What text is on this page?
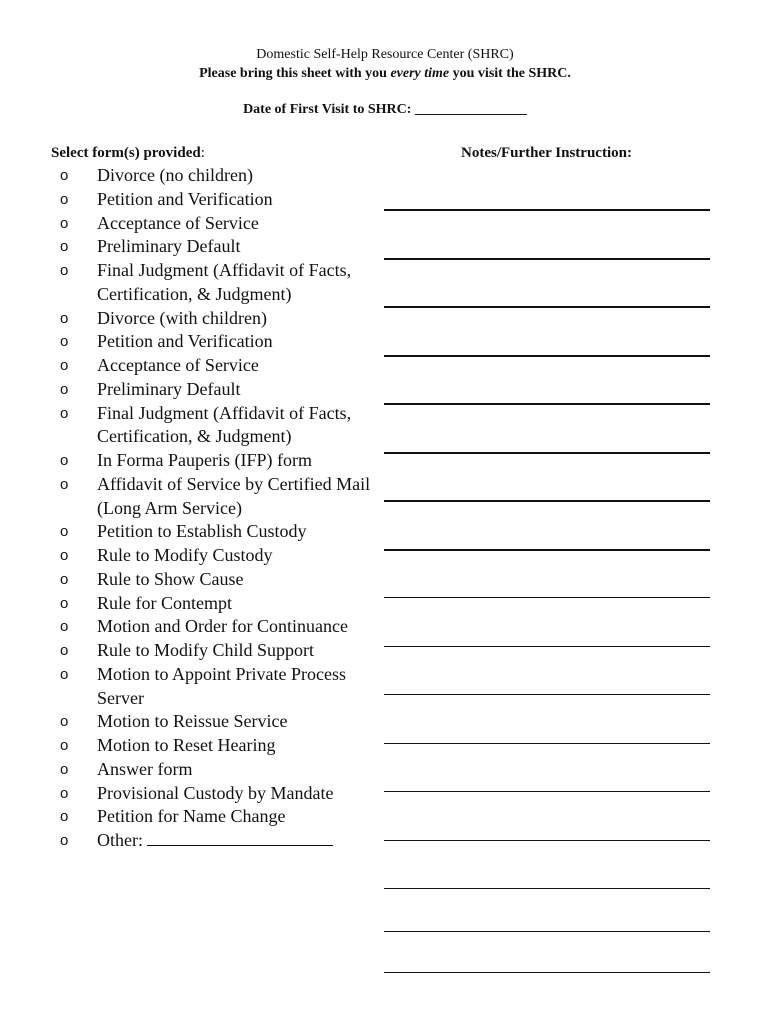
Domestic Self-Help Resource Center (SHRC)
Please bring this sheet with you every time you visit the SHRC.
Date of First Visit to SHRC: ________________
Select form(s) provided:	Notes/Further Instruction:
o Divorce (no children)
o Petition and Verification
o Acceptance of Service
o Preliminary Default
o Final Judgment (Affidavit of Facts, Certification, & Judgment)
o Divorce (with children)
o Petition and Verification
o Acceptance of Service
o Preliminary Default
o Final Judgment (Affidavit of Facts, Certification, & Judgment)
o In Forma Pauperis (IFP) form
o Affidavit of Service by Certified Mail (Long Arm Service)
o Petition to Establish Custody
o Rule to Modify Custody
o Rule to Show Cause
o Rule for Contempt
o Motion and Order for Continuance
o Rule to Modify Child Support
o Motion to Appoint Private Process Server
o Motion to Reissue Service
o Motion to Reset Hearing
o Answer form
o Provisional Custody by Mandate
o Petition for Name Change
o Other:
